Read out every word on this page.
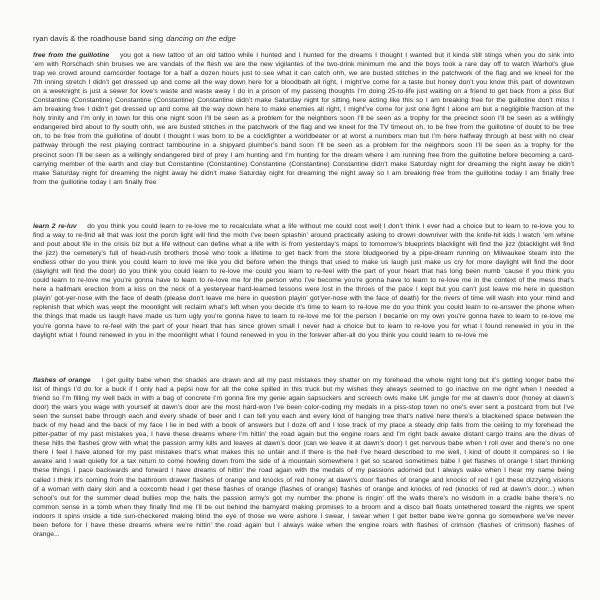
ryan davis & the roadhouse band sing dancing on the edge
free from the guillotine you got a new tattoo of an old tattoo while I hunted and I hunted for the dreams I thought I wanted but it kinda still stings when you do sink into ’em with Rorschach shin bruises we are vandals of the flesh we are the new vigilantes of the two-drink minimum me and the boys took a rare day off to watch Warhol’s glue trap we crowd around camcorder footage for a half a dozen hours just to see what it can catch ohh, we are busted stitches in the patchwork of the flag and we kneel for the 7th inning stretch I didn’t get dressed up and come all the way down here for a bloodbath all right, I might’ve come for a taste but honey don’t you know this part of downtown on a weeknight is just a sewer for love’s waste and waste away I do in a prison of my passing thoughts I’m doing 25-to-life just waiting on a friend to get back from a piss But Constantine (Constantine) Constantine (Constantine) Constantine didn’t make Saturday night for sitting here acting like this so I am breaking free for the guillotine don’t miss I am breaking free I didn’t get dressed up and come all the way down here to make enemies all right, I might’ve come for just one fight I alone am but a negligible fraction of the holy trinity and I’m only in town for this one night soon I’ll be seen as a problem for the neighbors soon I’ll be seen as a trophy for the precinct soon I’ll be seen as a willingly endangered bird about to fly south ohh, we are busted stitches in the patchwork of the flag and we kneel for the TV timeout oh, to be free from the guillotine of doubt to be free oh, to be free from the guillotine of doubt I thought I was born to be a cockfighter a worldbeater or at worst a numbers man but I’m here halfway through at best with no clear pathway through the rest playing contract tambourine in a shipyard plumber’s band soon I’ll be seen as a problem for the neighbors soon I’ll be seen as a trophy for the precinct soon I’ll be seen as a willingly endangered bird of prey I am hunting and I’m hunting for the dream where I am running free from the guillotine before becoming a card-carrying member of the earth and clay but Constantine (Constantine) Constantine (Constantine) Constantine didn’t make Saturday night for dreaming the night away he didn’t make Saturday night for dreaming the night away he didn’t make Saturday night for dreaming the night away so I am breaking free from the guillotine today I am finally free from the guillotine today I am finally free
learn 2 re-luv do you think you could learn to re-love me to recalculate what a life without me could cost well I don’t think I ever had a choice but to learn to re-love you to find a way to re-find all that was lost the porch light will find the moth I’ve been splashin’ around practically asking to drown downriver with the knife-hit kids I watch ’em whine and pout about life in the crisis biz but a life without can define what a life with is from yesterday’s maps to tomorrow’s blueprints blacklight will find the jizz (blacklight will find the jizz) the cemetery’s full of head-rush brothers those who took a lifetime to get back from the store bludgeoned by a pipe-dream running on Milwaukee steam into the endless other do you think you could learn to love me like you did before when the things that used to make us laugh just make us cry for more daylight will find the door (daylight will find the door) do you think you could learn to re-love me could you learn to re-feel with the part of your heart that has long been numb ’cause if you think you could learn to re-love me you’re gonna have to learn to re-love me for the person who I’ve become you’re gonna have to learn to re-love me in the context of the mess that’s here a hallmark erection from a kiss on the neck of a yesteryear hard-learned lessons were lost in the throes of the pace I kept but you can’t just leave me here in question playin’ got-yer-nose with the face of death (please don’t leave me here in question playin’ got’yer-nose with the face of death) for the rivers of time will wash into your mind and replenish that which was wept the moonlight will reclaim what’s left when you decide it’s time to learn to re-love me do you think you could learn to re-answer the phone when the things that made us laugh have made us turn ugly you’re gonna have to learn to re-love me for the person I became on my own you’re gonna have to learn to re-love me you’re gonna have to re-feel with the part of your heart that has since grown small I never had a choice but to learn to re-love you for what I found renewed in you in the daylight what I found renewed in you in the moonlight what I found renewed in you in the forever after-all do you think you could learn to re-love me
flashes of orange I get guilty babe when the shades are drawn and all my past mistakes they shatter on my forehead the whole night long but it’s getting longer babe the list of things I’d do for a buck if I only had a pepsi now for all the coke spilled in this truck but my wishes they always seemed to go inactive on me right when I needed a friend so I’m filling my well back in with a bag of concrete I’m gonna fire my genie again sapsuckers and screech owls make UK jungle for me at dawn’s door (honey at dawn’s door) the wars you wage with yourself at dawn’s door are the most hard-won I’ve been color-coding my medals in a piss-stop town no one’s ever sent a postcard from but I’ve seen the sunset babe through each and every shade of beer and I can tell you each and every kind of hanging tree that’s native here there’s a blackened space between the back of my head and the back of my face I lie in bed with a book of answers but I doze off and I lose track of my place a steady drip falls from the ceiling to my forehead the pitter-patter of my past mistakes yea, I have these dreams where I’m hittin’ the road again but the engine roars and I’m right back awake distant cargo trains are the divas of these hills the flashes grow with what the passion army kills and leaves at dawn’s door (can we leave it at dawn’s door) I get nervous babe when I roll over and there’s no one there I feel I have atoned for my past mistakes that’s what makes this so unfair and if there is the hell I’ve heard described to me well, I kind of doubt it compares so I lie awake and I wait quietly for a tax return to come howling down from the side of a mountain somewhere I get so scared sometimes babe I get flashes of orange I start thinking these things I pace backwards and forward I have dreams of hittin’ the road again with the medals of my passions adorned but I always wake when I hear my name being called I think it’s coming from the bathroom drawer flashes of orange and knocks of red honey at dawn’s door flashes of orange and knocks of red I get these dizzying visions of a woman with dairy skin and a coxcomb head I get these flashes of orange (flashes of orange) flashes of orange and knocks of red (knocks of red at dawn’s door...) when school’s out for the summer dead bullies mop the halls the passion army’s got my number the phone is ringin’ off the walls there’s no wisdom in a cradle babe there’s no common sense in a tomb when they finally find me I’ll be out behind the barnyard making promises to a broom and a disco ball floats untethered toward the nights we spent indoors it spins inside a tide sun-checkered making blind the eye of those we were ashore I swear, I swear when I get better babe we’re gonna go somewhere we’ve never been before for I have these dreams where we’re hittin’ the road again but I always wake when the engine roars with flashes of crimson (flashes of crimson) flashes of orange...
